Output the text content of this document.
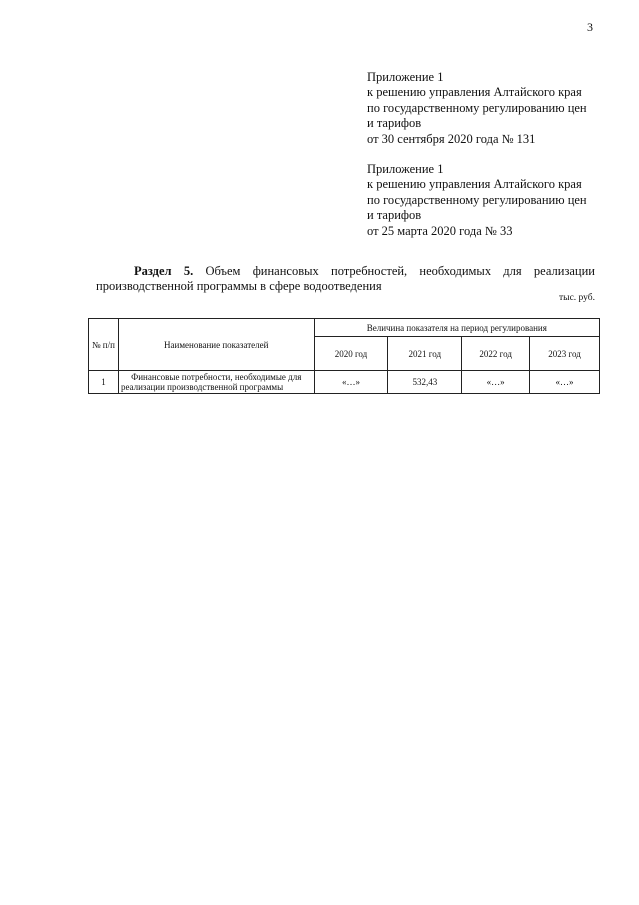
3
Приложение 1
к решению управления Алтайского края
по государственному регулированию цен
и тарифов
от 30 сентября 2020 года № 131
Приложение 1
к решению управления Алтайского края
по государственному регулированию цен
и тарифов
от 25 марта 2020 года № 33
Раздел 5. Объем финансовых потребностей, необходимых для реализации
производственной программы в сфере водоотведения
тыс. руб.
№ п/п	Наименование показателей	Величина показателя на период регулирования			
		2020 год	2021 год	2022 год	2023 год
1	Финансовые потребности, необходимые для реализации производственной программы	«…»	532,43	«…»	«…»
